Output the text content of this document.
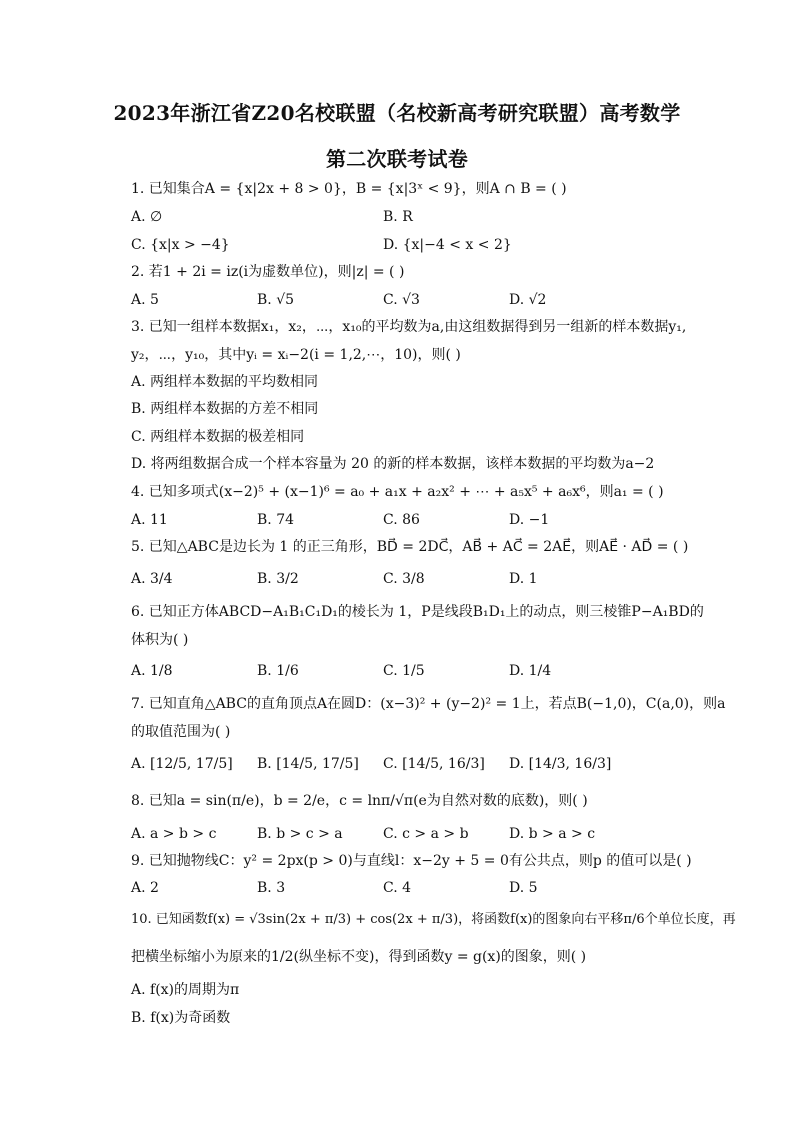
2023年浙江省Z20名校联盟（名校新高考研究联盟）高考数学
第二次联考试卷
1. 已知集合A = {x|2x + 8 > 0}，B = {x|3ˣ < 9}，则A ∩ B = ( )
A. ∅	B. R
C. {x|x > −4}	D. {x|−4 < x < 2}
2. 若1 + 2i = iz(i为虚数单位)，则|z| = ( )
A. 5	B. √5	C. √3	D. √2
3. 已知一组样本数据x₁，x₂，⋯，x₁₀的平均数为a,由这组数据得到另一组新的样本数据y₁,
y₂，⋯，y₁₀，其中yᵢ = xᵢ−2(i = 1,2,⋯，10)，则( )
A. 两组样本数据的平均数相同
B. 两组样本数据的方差不相同
C. 两组样本数据的极差相同
D. 将两组数据合成一个样本容量为 20 的新的样本数据，该样本数据的平均数为a−2
4. 已知多项式(x−2)⁵ + (x−1)⁶ = a₀ + a₁x + a₂x² + ⋯ + a₅x⁵ + a₆x⁶，则a₁ = ( )
A. 11	B. 74	C. 86	D. −1
5. 已知△ABC是边长为 1 的正三角形，BD⃗ = 2DC⃗，AB⃗ + AC⃗ = 2AE⃗，则AE⃗ · AD⃗ = ( )
A. 3/4	B. 3/2	C. 3/8	D. 1
6. 已知正方体ABCD−A₁B₁C₁D₁的棱长为 1，P是线段B₁D₁上的动点，则三棱锥P−A₁BD的
体积为( )
A. 1/8	B. 1/6	C. 1/5	D. 1/4
7. 已知直角△ABC的直角顶点A在圆D：(x−3)² + (y−2)² = 1上，若点B(−1,0)，C(a,0)，则a
的取值范围为( )
A. [12/5, 17/5] B. [14/5, 17/5] C. [14/5, 16/3] D. [14/3, 16/3]
8. 已知a = sin(π/e)，b = 2/e，c = lnπ/√π(e为自然对数的底数)，则( )
A. a > b > c	B. b > c > a	C. c > a > b	D. b > a > c
9. 已知抛物线C：y² = 2px(p > 0)与直线l：x−2y + 5 = 0有公共点，则p 的值可以是( )
A. 2	B. 3	C. 4	D. 5
10. 已知函数f(x) = √3sin(2x + π/3) + cos(2x + π/3)，将函数f(x)的图象向右平移π/6个单位长度，再
把横坐标缩小为原来的1/2(纵坐标不变)，得到函数y = g(x)的图象，则( )
A. f(x)的周期为π
B. f(x)为奇函数
